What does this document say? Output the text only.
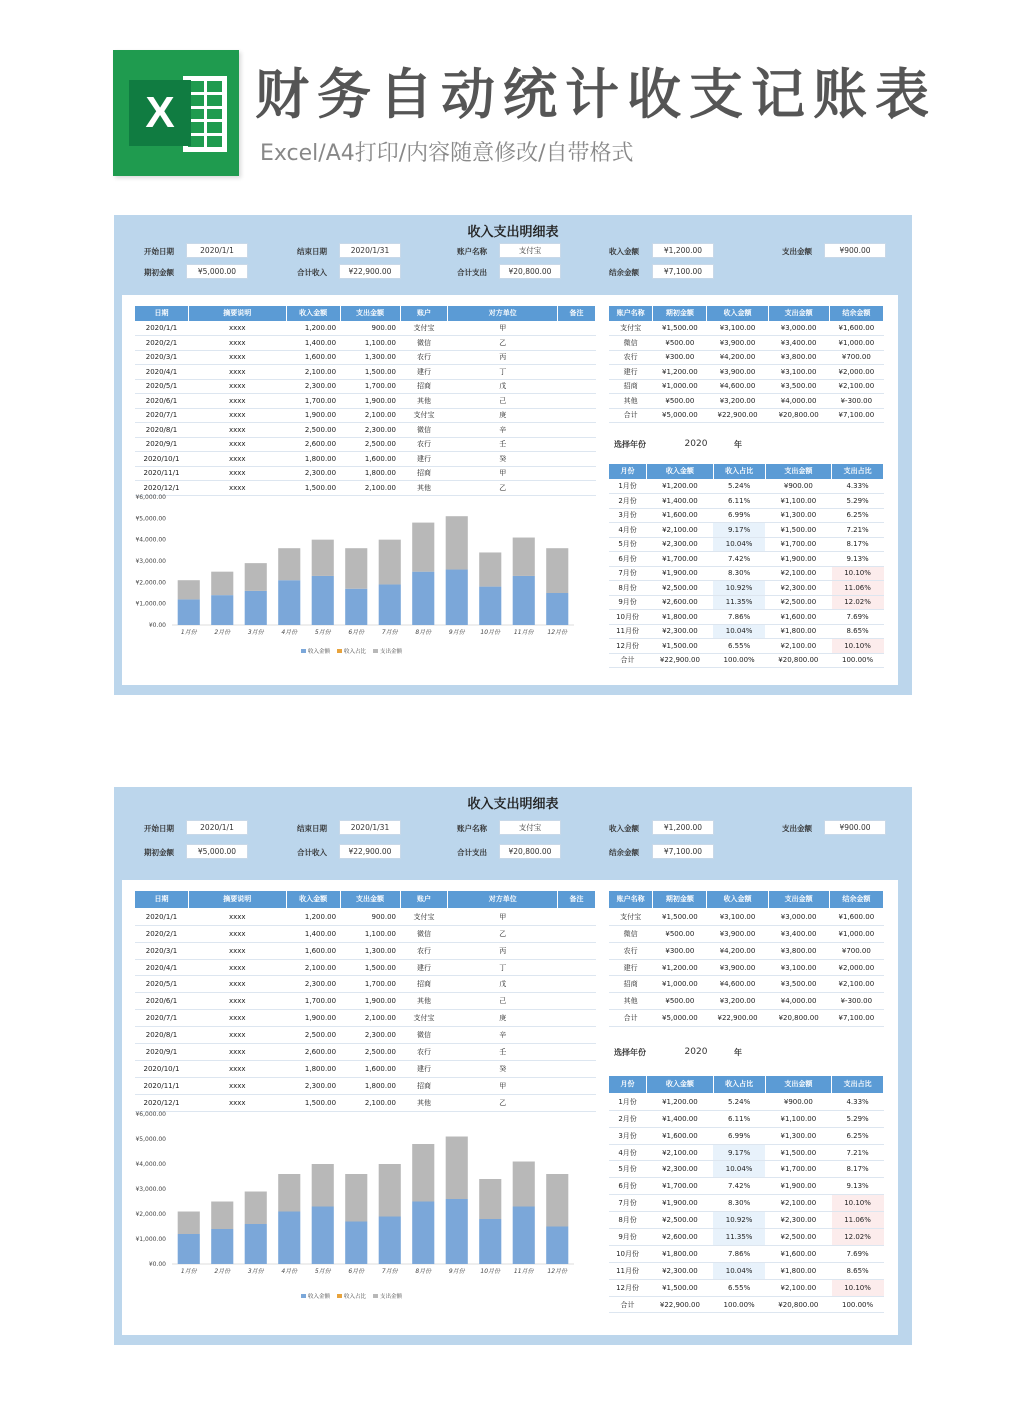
X	财务自动统计收支记账表
Excel/A4打印/内容随意修改/自带格式
收入支出明细表
开始日期	2020/1/1	结束日期	2020/1/31	账户名称	支付宝	收入金额	¥1,200.00	支出金额	¥900.00
期初金额	¥5,000.00	合计收入	¥22,900.00	合计支出	¥20,800.00	结余金额	¥7,100.00
日期	摘要说明	收入金额	支出金额	账户	对方单位	备注
2020/1/1	xxxx	1,200.00	900.00	支付宝	甲	
2020/2/1	xxxx	1,400.00	1,100.00	微信	乙	
2020/3/1	xxxx	1,600.00	1,300.00	农行	丙	
2020/4/1	xxxx	2,100.00	1,500.00	建行	丁	
2020/5/1	xxxx	2,300.00	1,700.00	招商	戊	
2020/6/1	xxxx	1,700.00	1,900.00	其他	己	
2020/7/1	xxxx	1,900.00	2,100.00	支付宝	庚	
2020/8/1	xxxx	2,500.00	2,300.00	微信	辛	
2020/9/1	xxxx	2,600.00	2,500.00	农行	壬	
2020/10/1	xxxx	1,800.00	1,600.00	建行	癸	
2020/11/1	xxxx	2,300.00	1,800.00	招商	甲	
2020/12/1	xxxx	1,500.00	2,100.00	其他	乙	
账户名称	期初金额	收入金额	支出金额	结余金额
支付宝	¥1,500.00	¥3,100.00	¥3,000.00	¥1,600.00
微信	¥500.00	¥3,900.00	¥3,400.00	¥1,000.00
农行	¥300.00	¥4,200.00	¥3,800.00	¥700.00
建行	¥1,200.00	¥3,900.00	¥3,100.00	¥2,000.00
招商	¥1,000.00	¥4,600.00	¥3,500.00	¥2,100.00
其他	¥500.00	¥3,200.00	¥4,000.00	¥-300.00
合计	¥5,000.00	¥22,900.00	¥20,800.00	¥7,100.00
选择年份	2020	年
月份	收入金额	收入占比	支出金额	支出占比
1月份	¥1,200.00	5.24%	¥900.00	4.33%
2月份	¥1,400.00	6.11%	¥1,100.00	5.29%
3月份	¥1,600.00	6.99%	¥1,300.00	6.25%
4月份	¥2,100.00	9.17%	¥1,500.00	7.21%
5月份	¥2,300.00	10.04%	¥1,700.00	8.17%
6月份	¥1,700.00	7.42%	¥1,900.00	9.13%
7月份	¥1,900.00	8.30%	¥2,100.00	10.10%
8月份	¥2,500.00	10.92%	¥2,300.00	11.06%
9月份	¥2,600.00	11.35%	¥2,500.00	12.02%
10月份	¥1,800.00	7.86%	¥1,600.00	7.69%
11月份	¥2,300.00	10.04%	¥1,800.00	8.65%
12月份	¥1,500.00	6.55%	¥2,100.00	10.10%
合计	¥22,900.00	100.00%	¥20,800.00	100.00%
¥0.00
¥1,000.00
¥2,000.00
¥3,000.00
¥4,000.00
¥5,000.00
¥6,000.00
1月份	2月份	3月份	4月份	5月份	6月份	7月份	8月份	9月份	10月份 11月份 12月份
收入金额	收入占比	支出金额
收入支出明细表
开始日期	2020/1/1	结束日期	2020/1/31	账户名称	支付宝	收入金额	¥1,200.00	支出金额	¥900.00
期初金额	¥5,000.00	合计收入	¥22,900.00	合计支出	¥20,800.00	结余金额	¥7,100.00
日期	摘要说明	收入金额	支出金额	账户	对方单位	备注
2020/1/1	xxxx	1,200.00	900.00	支付宝	甲	
2020/2/1	xxxx	1,400.00	1,100.00	微信	乙	
2020/3/1	xxxx	1,600.00	1,300.00	农行	丙	
2020/4/1	xxxx	2,100.00	1,500.00	建行	丁	
2020/5/1	xxxx	2,300.00	1,700.00	招商	戊	
2020/6/1	xxxx	1,700.00	1,900.00	其他	己	
2020/7/1	xxxx	1,900.00	2,100.00	支付宝	庚	
2020/8/1	xxxx	2,500.00	2,300.00	微信	辛	
2020/9/1	xxxx	2,600.00	2,500.00	农行	壬	
2020/10/1	xxxx	1,800.00	1,600.00	建行	癸	
2020/11/1	xxxx	2,300.00	1,800.00	招商	甲	
2020/12/1	xxxx	1,500.00	2,100.00	其他	乙	
账户名称	期初金额	收入金额	支出金额	结余金额
支付宝	¥1,500.00	¥3,100.00	¥3,000.00	¥1,600.00
微信	¥500.00	¥3,900.00	¥3,400.00	¥1,000.00
农行	¥300.00	¥4,200.00	¥3,800.00	¥700.00
建行	¥1,200.00	¥3,900.00	¥3,100.00	¥2,000.00
招商	¥1,000.00	¥4,600.00	¥3,500.00	¥2,100.00
其他	¥500.00	¥3,200.00	¥4,000.00	¥-300.00
合计	¥5,000.00	¥22,900.00	¥20,800.00	¥7,100.00
选择年份	2020	年
月份	收入金额	收入占比	支出金额	支出占比
1月份	¥1,200.00	5.24%	¥900.00	4.33%
2月份	¥1,400.00	6.11%	¥1,100.00	5.29%
3月份	¥1,600.00	6.99%	¥1,300.00	6.25%
4月份	¥2,100.00	9.17%	¥1,500.00	7.21%
5月份	¥2,300.00	10.04%	¥1,700.00	8.17%
6月份	¥1,700.00	7.42%	¥1,900.00	9.13%
7月份	¥1,900.00	8.30%	¥2,100.00	10.10%
8月份	¥2,500.00	10.92%	¥2,300.00	11.06%
9月份	¥2,600.00	11.35%	¥2,500.00	12.02%
10月份	¥1,800.00	7.86%	¥1,600.00	7.69%
11月份	¥2,300.00	10.04%	¥1,800.00	8.65%
12月份	¥1,500.00	6.55%	¥2,100.00	10.10%
合计	¥22,900.00	100.00%	¥20,800.00	100.00%
¥0.00
¥1,000.00
¥2,000.00
¥3,000.00
¥4,000.00
¥5,000.00
¥6,000.00
1月份	2月份	3月份	4月份	5月份	6月份	7月份	8月份	9月份	10月份 11月份 12月份
收入金额	收入占比	支出金额
